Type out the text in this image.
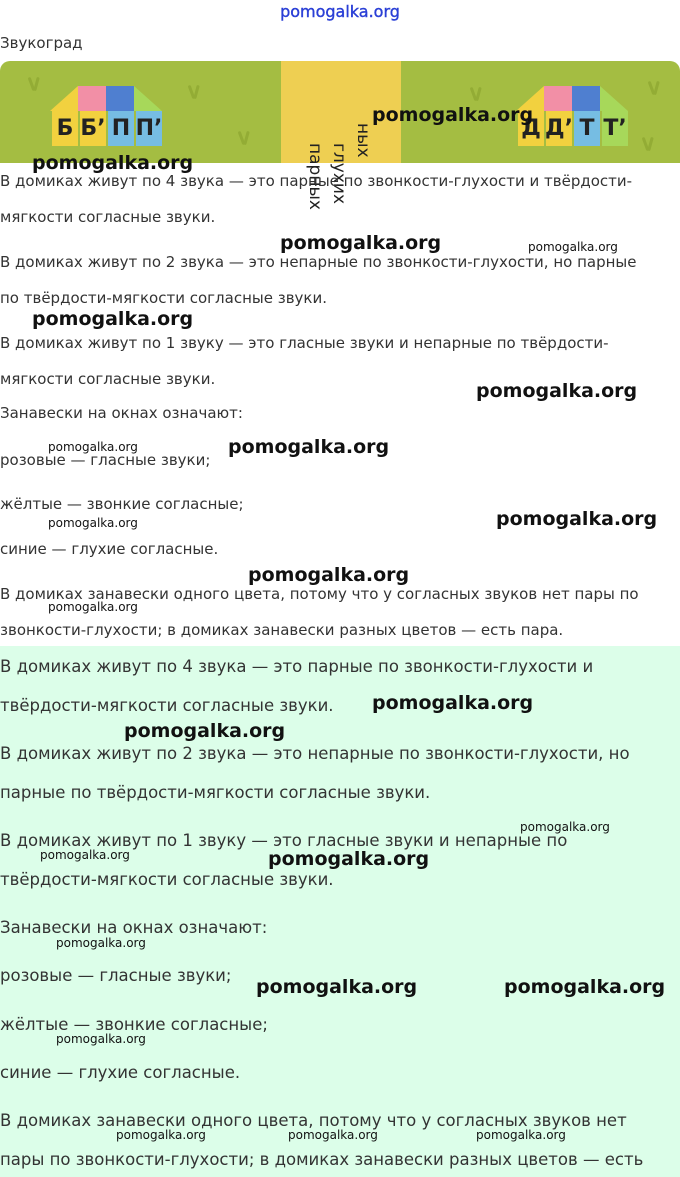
pomogalka.org
Звукоград
Б Б’ П П’
парных глухих
ных	Д Д’ Т Т’
В домиках живут по 4 звука — это парные по звонкости-глухости и твёрдости-
мягкости согласные звуки.
В домиках живут по 2 звука — это непарные по звонкости-глухости, но парные
по твёрдости-мягкости согласные звуки.
В домиках живут по 1 звуку — это гласные звуки и непарные по твёрдости-
мягкости согласные звуки.
Занавески на окнах означают:
розовые — гласные звуки;
жёлтые — звонкие согласные;
синие — глухие согласные.
В домиках занавески одного цвета, потому что у согласных звуков нет пары по
звонкости-глухости; в домиках занавески разных цветов — есть пара.
В домиках живут по 4 звука — это парные по звонкости-глухости и
твёрдости-мягкости согласные звуки.
В домиках живут по 2 звука — это непарные по звонкости-глухости, но
парные по твёрдости-мягкости согласные звуки.
В домиках живут по 1 звуку — это гласные звуки и непарные по
твёрдости-мягкости согласные звуки.
Занавески на окнах означают:
розовые — гласные звуки;
жёлтые — звонкие согласные;
синие — глухие согласные.
В домиках занавески одного цвета, потому что у согласных звуков нет
пары по звонкости-глухости; в домиках занавески разных цветов — есть
pomogalka.org
pomogalka.org
pomogalka.org	pomogalka.org
pomogalka.org
pomogalka.org
pomogalka.org	pomogalka.org
pomogalka.org
pomogalka.org
pomogalka.org
pomogalka.org
pomogalka.org
pomogalka.org
pomogalka.org
pomogalka.org	pomogalka.org
pomogalka.org
pomogalka.org	pomogalka.org
pomogalka.org
pomogalka.org	pomogalka.org	pomogalka.org
